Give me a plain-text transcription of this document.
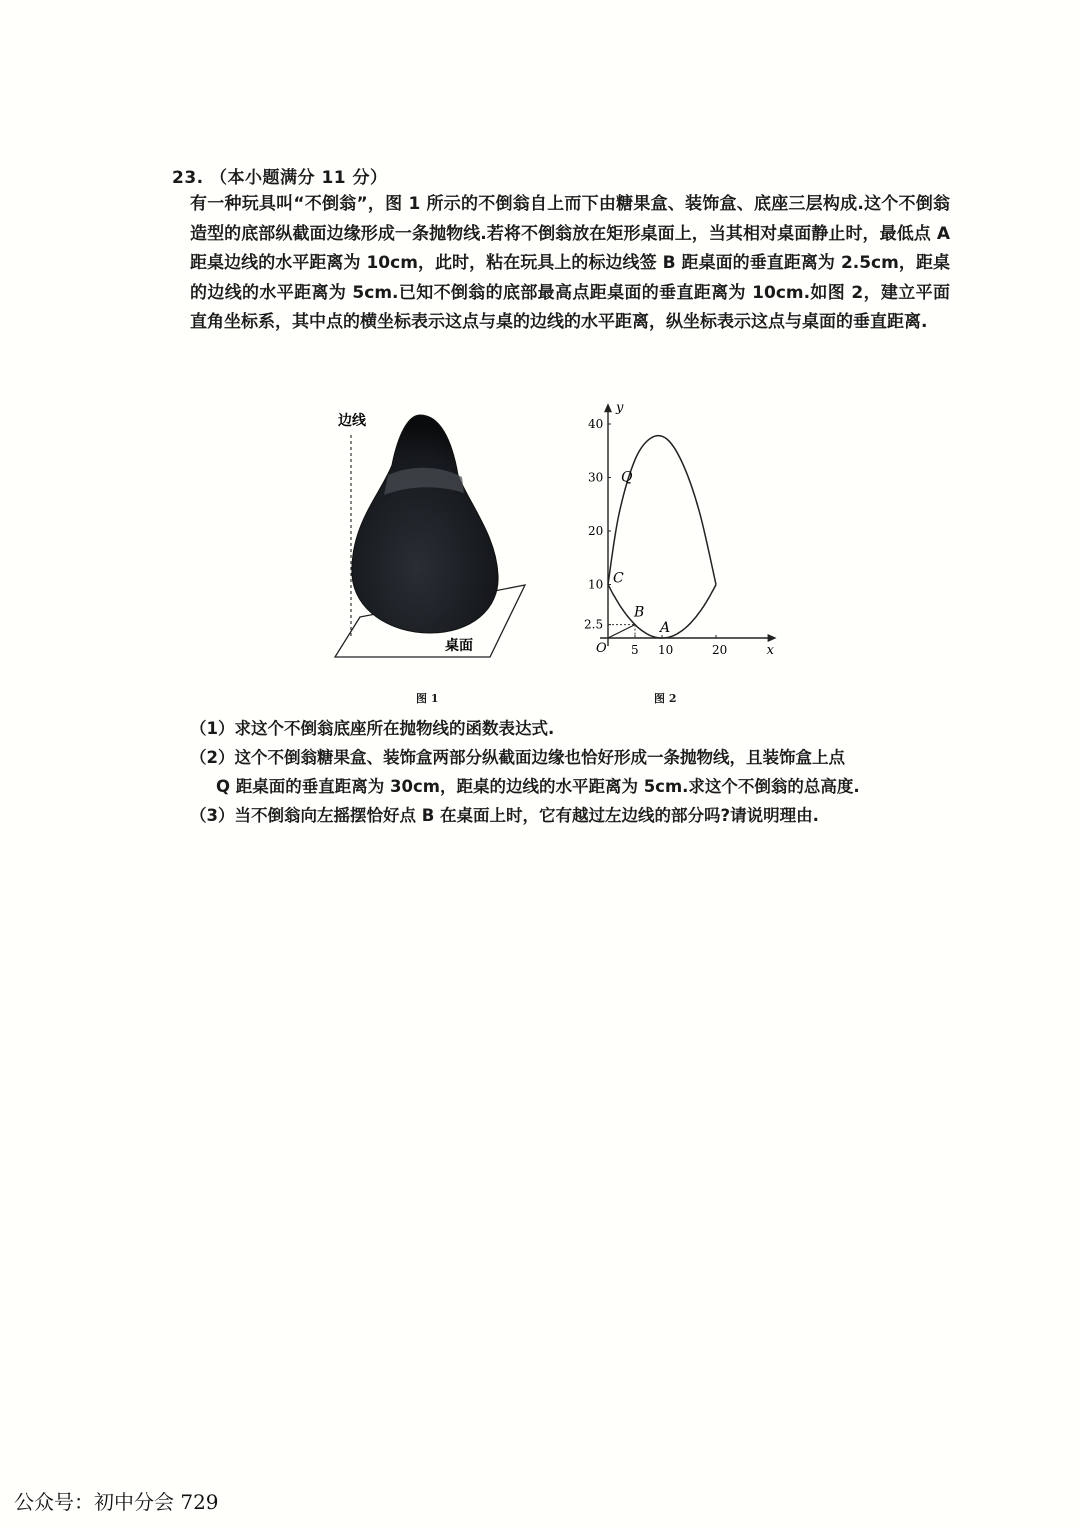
23. （本小题满分 11 分）
有一种玩具叫“不倒翁”，图 1 所示的不倒翁自上而下由糖果盒、装饰盒、底座三层构成.这个不倒翁造型的底部纵截面边缘形成一条抛物线.若将不倒翁放在矩形桌面上，当其相对桌面静止时，最低点 A 距桌边线的水平距离为 10cm，此时，粘在玩具上的标边线签 B 距桌面的垂直距离为 2.5cm，距桌的边线的水平距离为 5cm.已知不倒翁的底部最高点距桌面的垂直距离为 10cm.如图 2，建立平面直角坐标系，其中点的横坐标表示这点与桌的边线的水平距离，纵坐标表示这点与桌面的垂直距离.
边线
桌面
图 1
x
y
O 5 10	20
2.5
10
20
30
40
C
B
A
Q
图 2
（1）求这个不倒翁底座所在抛物线的函数表达式.
（2）这个不倒翁糖果盒、装饰盒两部分纵截面边缘也恰好形成一条抛物线，且装饰盒上点
Q 距桌面的垂直距离为 30cm，距桌的边线的水平距离为 5cm.求这个不倒翁的总高度.
（3）当不倒翁向左摇摆恰好点 B 在桌面上时，它有越过左边线的部分吗?请说明理由.
公众号：初中分会 729
